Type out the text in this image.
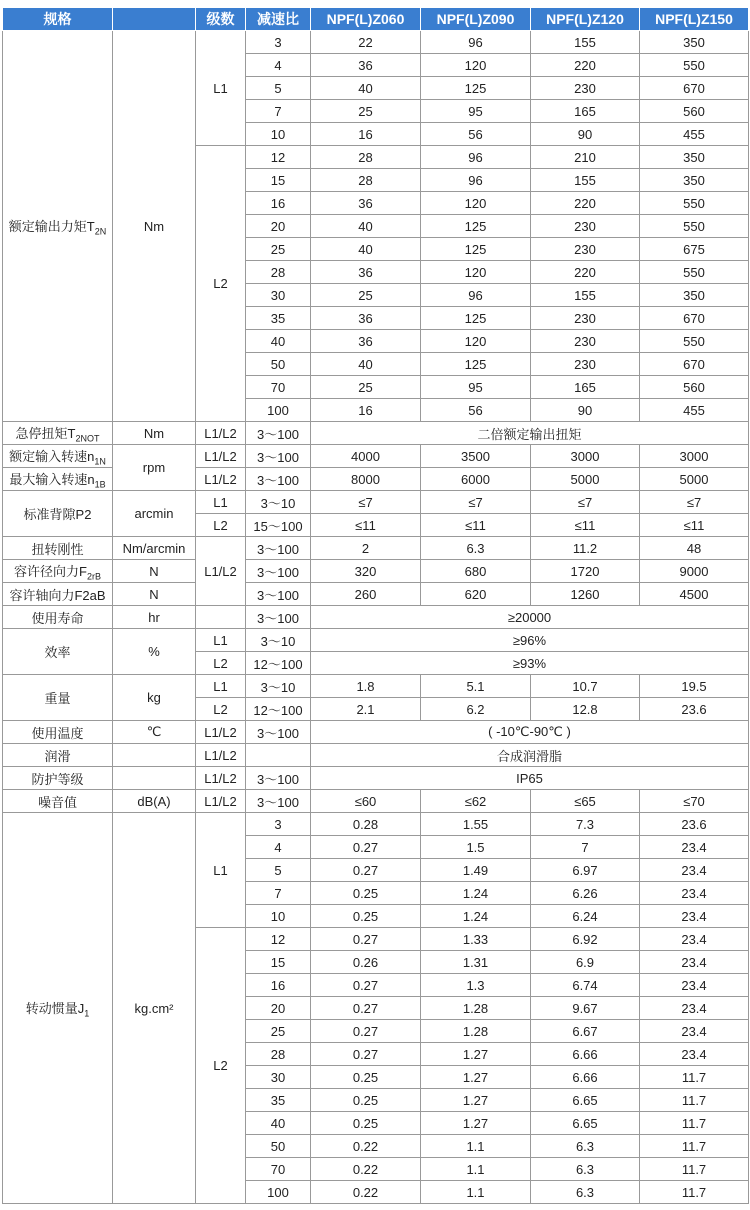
规格		级数	减速比	NPF(L)Z060	NPF(L)Z090	NPF(L)Z120	NPF(L)Z150
额定输出力矩$T_{2N}$	Nm	L1	3	22	96	155	350
			4	36	120	220	550
			5	40	125	230	670
			7	25	95	165	560
			10	16	56	90	455
		L2	12	28	96	210	350
			15	28	96	155	350
			16	36	120	220	550
			20	40	125	230	550
			25	40	125	230	675
			28	36	120	220	550
			30	25	96	155	350
			35	36	125	230	670
			40	36	120	230	550
			50	40	125	230	670
			70	25	95	165	560
			100	16	56	90	455
急停扭矩$T_{2NOT}$	Nm	L1/L2	3～100	二倍额定输出扭矩			
额定输入转速$n_{1N}$	rpm	L1/L2	3～100	4000	3500	3000	3000
最大输入转速$n_{1B}$		L1/L2	3～100	8000	6000	5000	5000
标准背隙P2	arcmin	L1	3～10	≤7	≤7	≤7	≤7
		L2	15～100	≤11	≤11	≤11	≤11
扭转刚性	Nm/arcmin	L1/L2	3～100	2	6.3	11.2	48
容许径向力$F_{2rB}$	N		3～100	320	680	1720	9000
容许轴向力F2aB	N		3～100	260	620	1260	4500
使用寿命	hr		3～100	≥20000			
效率	%	L1	3～10	≥96%			
		L2	12～100	≥93%			
重量	kg	L1	3～10	1.8	5.1	10.7	19.5
		L2	12～100	2.1	6.2	12.8	23.6
使用温度	℃	L1/L2	3～100	( -10℃-90℃ )			
润滑		L1/L2		合成润滑脂			
防护等级		L1/L2	3～100	IP65			
噪音值	dB(A)	L1/L2	3～100	≤60	≤62	≤65	≤70
转动惯量$J_1$	kg.cm²	L1	3	0.28	1.55	7.3	23.6
			4	0.27	1.5	7	23.4
			5	0.27	1.49	6.97	23.4
			7	0.25	1.24	6.26	23.4
			10	0.25	1.24	6.24	23.4
		L2	12	0.27	1.33	6.92	23.4
			15	0.26	1.31	6.9	23.4
			16	0.27	1.3	6.74	23.4
			20	0.27	1.28	9.67	23.4
			25	0.27	1.28	6.67	23.4
			28	0.27	1.27	6.66	23.4
			30	0.25	1.27	6.66	11.7
			35	0.25	1.27	6.65	11.7
			40	0.25	1.27	6.65	11.7
			50	0.22	1.1	6.3	11.7
			70	0.22	1.1	6.3	11.7
			100	0.22	1.1	6.3	11.7
